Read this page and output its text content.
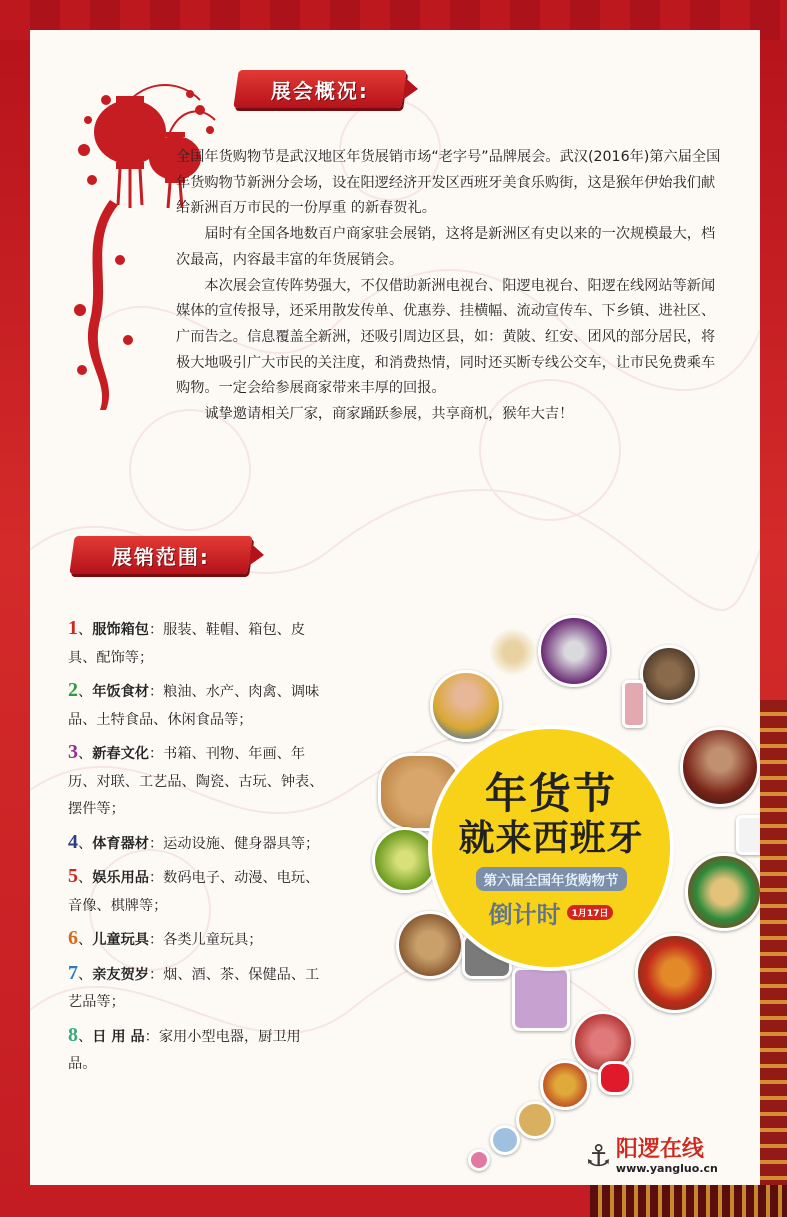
展会概况:

全国年货购物节是武汉地区年货展销市场“老字号”品牌展会。武汉(2016年)第六届全国年货购物节新洲分会场，设在阳逻经济开发区西班牙美食乐购街，这是猴年伊始我们献给新洲百万市民的一份厚重 的新春贺礼。

届时有全国各地数百户商家驻会展销，这将是新洲区有史以来的一次规模最大，档次最高，内容最丰富的年货展销会。

本次展会宣传阵势强大，不仅借助新洲电视台、阳逻电视台、阳逻在线网站等新闻媒体的宣传报导，还采用散发传单、优惠券、挂横幅、流动宣传车、下乡镇、进社区、广而告之。信息覆盖全新洲，还吸引周边区县，如：黄陂、红安、团风的部分居民，将极大地吸引广大市民的关注度，和消费热情，同时还买断专线公交车，让市民免费乘车购物。一定会给参展商家带来丰厚的回报。

诚挚邀请相关厂家，商家踊跃参展，共享商机，猴年大吉！

展销范围:
1、服饰箱包：服装、鞋帽、箱包、皮具、配饰等；
2、年饭食材：粮油、水产、肉禽、调味品、土特食品、休闲食品等；
3、新春文化：书箱、刊物、年画、年历、对联、工艺品、陶瓷、古玩、钟表、摆件等；
4、体育器材：运动设施、健身器具等；
5、娱乐用品：数码电子、动漫、电玩、音像、棋牌等；
6、儿童玩具：各类儿童玩具；
7、亲友贺岁：烟、酒、茶、保健品、工艺品等；
8、日 用 品：家用小型电器，厨卫用品。
年货节
就来西班牙
第六届全国年货购物节
倒计时	1月17日
⚓ 阳逻在线
www.yangluo.cn
